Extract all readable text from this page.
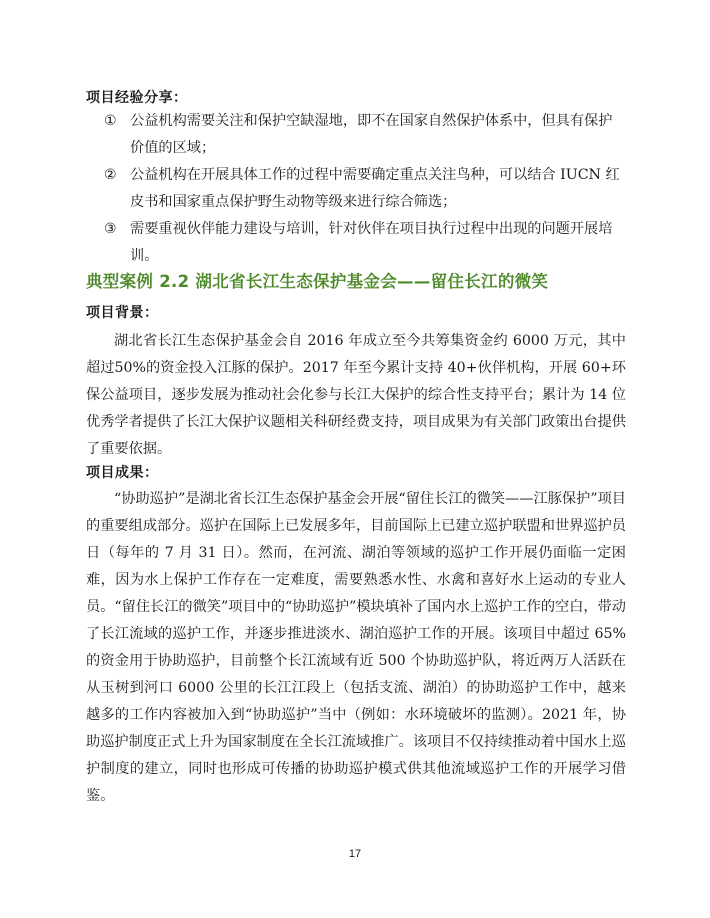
项目经验分享：
① 公益机构需要关注和保护空缺湿地，即不在国家自然保护体系中，但具有保护价值的区域；
② 公益机构在开展具体工作的过程中需要确定重点关注鸟种，可以结合 IUCN 红皮书和国家重点保护野生动物等级来进行综合筛选；
③ 需要重视伙伴能力建设与培训，针对伙伴在项目执行过程中出现的问题开展培训。
典型案例 2.2 湖北省长江生态保护基金会——留住长江的微笑
项目背景：
湖北省长江生态保护基金会自 2016 年成立至今共筹集资金约 6000 万元，其中超过50%的资金投入江豚的保护。2017 年至今累计支持 40+伙伴机构，开展 60+环保公益项目，逐步发展为推动社会化参与长江大保护的综合性支持平台；累计为 14 位优秀学者提供了长江大保护议题相关科研经费支持，项目成果为有关部门政策出台提供了重要依据。
项目成果：
“协助巡护”是湖北省长江生态保护基金会开展“留住长江的微笑——江豚保护”项目的重要组成部分。巡护在国际上已发展多年，目前国际上已建立巡护联盟和世界巡护员日（每年的 7 月 31 日）。然而，在河流、湖泊等领域的巡护工作开展仍面临一定困难，因为水上保护工作存在一定难度，需要熟悉水性、水禽和喜好水上运动的专业人员。“留住长江的微笑”项目中的“协助巡护”模块填补了国内水上巡护工作的空白，带动了长江流域的巡护工作，并逐步推进淡水、湖泊巡护工作的开展。该项目中超过 65%的资金用于协助巡护，目前整个长江流域有近 500 个协助巡护队，将近两万人活跃在从玉树到河口 6000 公里的长江江段上（包括支流、湖泊）的协助巡护工作中，越来越多的工作内容被加入到“协助巡护”当中（例如：水环境破坏的监测）。2021 年，协助巡护制度正式上升为国家制度在全长江流域推广。该项目不仅持续推动着中国水上巡护制度的建立，同时也形成可传播的协助巡护模式供其他流域巡护工作的开展学习借鉴。
17
